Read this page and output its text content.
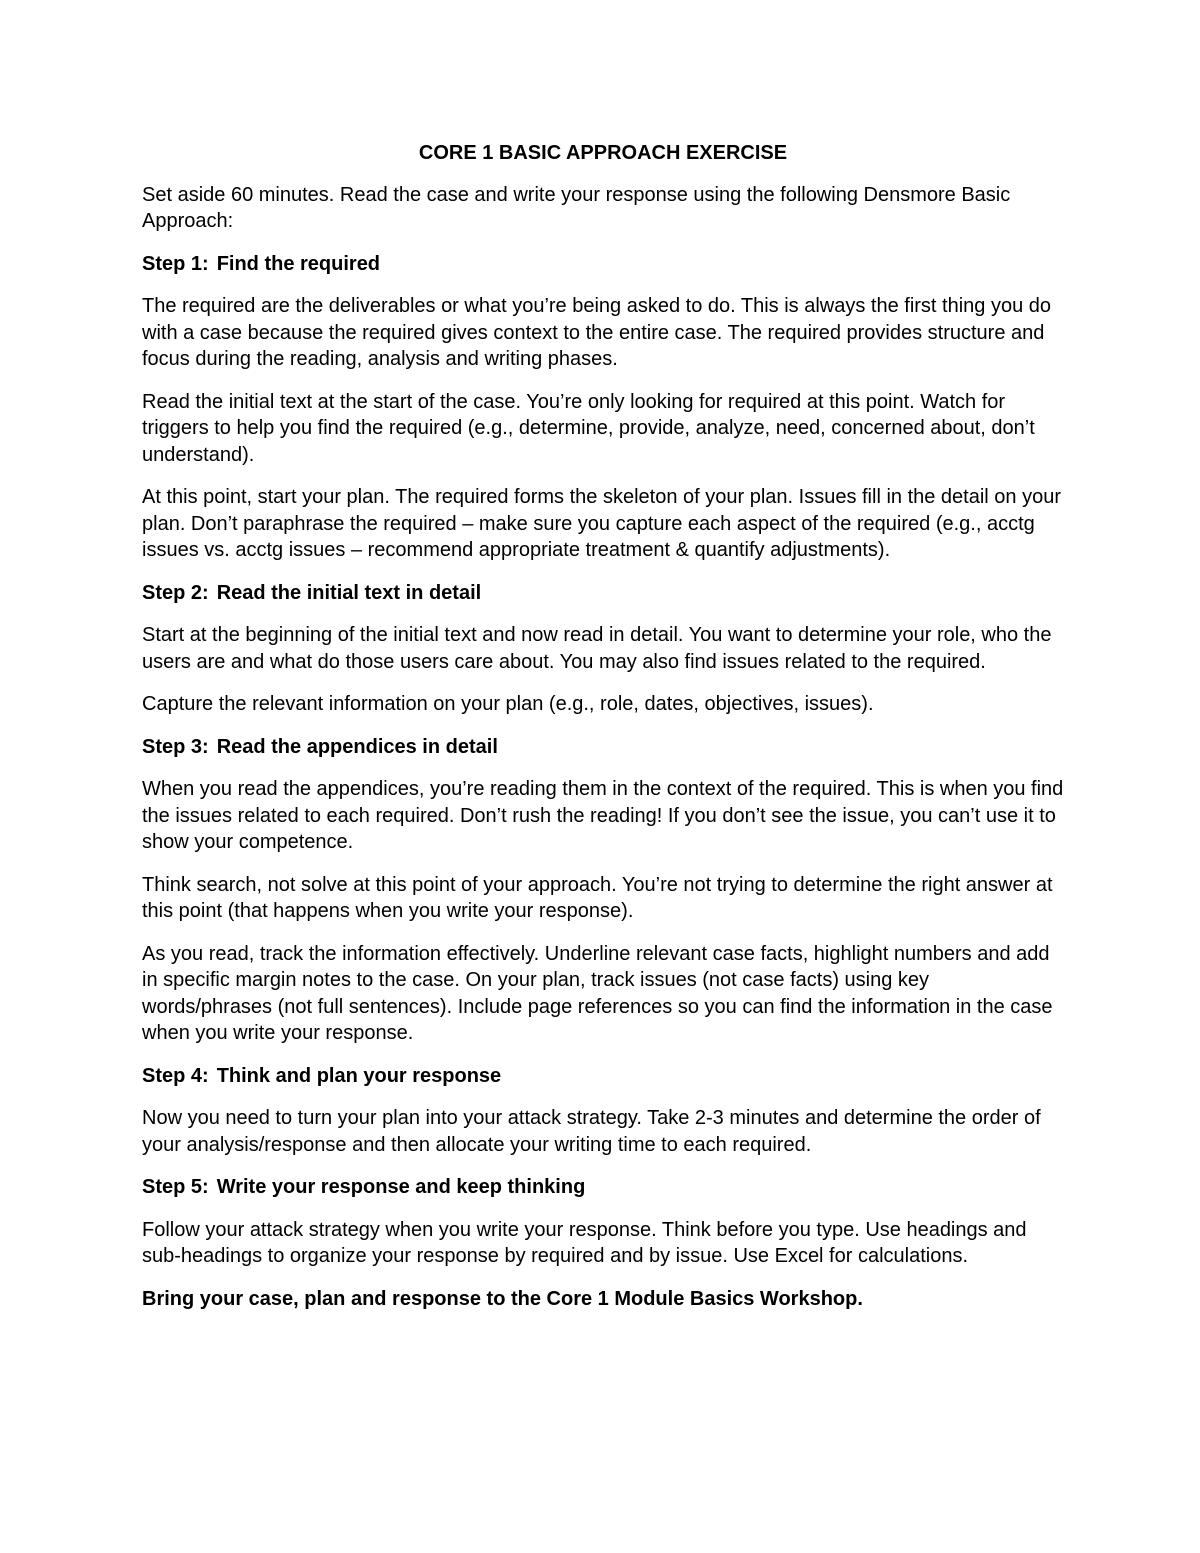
CORE 1 BASIC APPROACH EXERCISE

Set aside 60 minutes. Read the case and write your response using the following Densmore Basic Approach:

Step 1: Find the required

The required are the deliverables or what you’re being asked to do. This is always the first thing you do with a case because the required gives context to the entire case. The required provides structure and focus during the reading, analysis and writing phases.

Read the initial text at the start of the case. You’re only looking for required at this point. Watch for triggers to help you find the required (e.g., determine, provide, analyze, need, concerned about, don’t understand).

At this point, start your plan. The required forms the skeleton of your plan. Issues fill in the detail on your plan. Don’t paraphrase the required – make sure you capture each aspect of the required (e.g., acctg issues vs. acctg issues – recommend appropriate treatment & quantify adjustments).

Step 2: Read the initial text in detail

Start at the beginning of the initial text and now read in detail. You want to determine your role, who the users are and what do those users care about. You may also find issues related to the required.

Capture the relevant information on your plan (e.g., role, dates, objectives, issues).

Step 3: Read the appendices in detail

When you read the appendices, you’re reading them in the context of the required. This is when you find the issues related to each required. Don’t rush the reading! If you don’t see the issue, you can’t use it to show your competence.

Think search, not solve at this point of your approach. You’re not trying to determine the right answer at this point (that happens when you write your response).

As you read, track the information effectively. Underline relevant case facts, highlight numbers and add in specific margin notes to the case. On your plan, track issues (not case facts) using key words/phrases (not full sentences). Include page references so you can find the information in the case when you write your response.

Step 4: Think and plan your response

Now you need to turn your plan into your attack strategy. Take 2-3 minutes and determine the order of your analysis/response and then allocate your writing time to each required.

Step 5: Write your response and keep thinking

Follow your attack strategy when you write your response. Think before you type. Use headings and sub-headings to organize your response by required and by issue. Use Excel for calculations.

Bring your case, plan and response to the Core 1 Module Basics Workshop.
